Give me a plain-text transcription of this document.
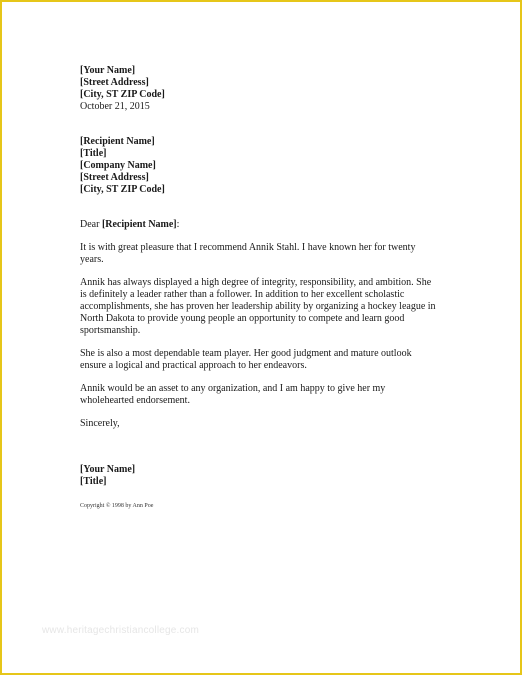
[Your Name]
[Street Address]
[City, ST ZIP Code]
October 21, 2015
[Recipient Name]
[Title]
[Company Name]
[Street Address]
[City, ST ZIP Code]
Dear [Recipient Name]:
It is with great pleasure that I recommend Annik Stahl. I have known her for twenty
years.
Annik has always displayed a high degree of integrity, responsibility, and ambition. She
is definitely a leader rather than a follower. In addition to her excellent scholastic
accomplishments, she has proven her leadership ability by organizing a hockey league in
North Dakota to provide young people an opportunity to compete and learn good
sportsmanship.
She is also a most dependable team player. Her good judgment and mature outlook
ensure a logical and practical approach to her endeavors.
Annik would be an asset to any organization, and I am happy to give her my
wholehearted endorsement.
Sincerely,
[Your Name]
[Title]
Copyright © 1998 by Ann Poe
www.heritagechristiancollege.com
